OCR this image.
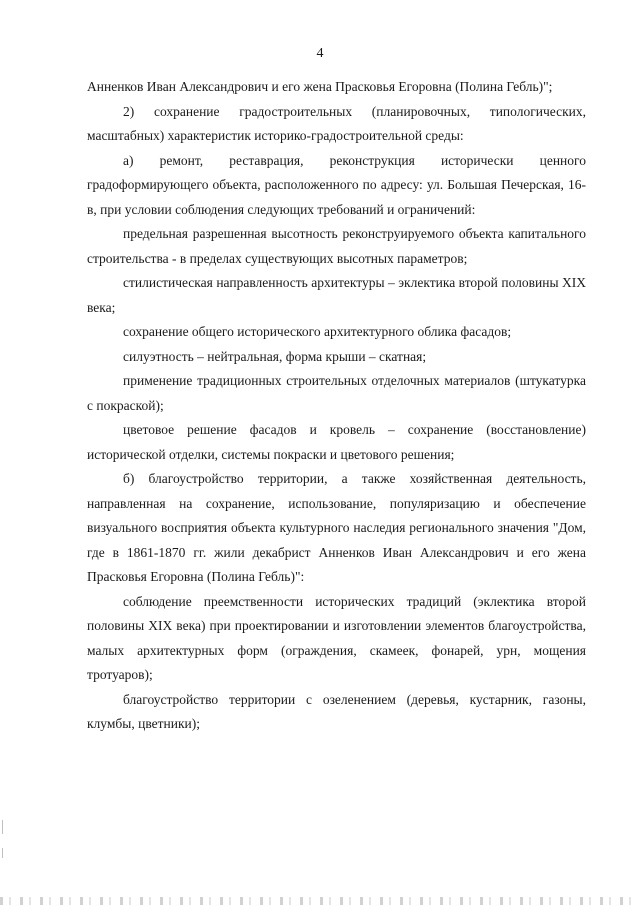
4

Анненков Иван Александрович и его жена Прасковья Егоровна (Полина Гебль)";

2) сохранение градостроительных (планировочных, типологических, масштабных) характеристик историко-градостроительной среды:

а) ремонт, реставрация, реконструкция исторически ценного градоформирующего объекта, расположенного по адресу: ул. Большая Печерская, 16-в, при условии соблюдения следующих требований и ограничений:

предельная разрешенная высотность реконструируемого объекта капитального строительства - в пределах существующих высотных параметров;

стилистическая направленность архитектуры – эклектика второй половины XIX века;

сохранение общего исторического архитектурного облика фасадов;

силуэтность – нейтральная, форма крыши – скатная;

применение традиционных строительных отделочных материалов (штукатурка с покраской);

цветовое решение фасадов и кровель – сохранение (восстановление) исторической отделки, системы покраски и цветового решения;

б) благоустройство территории, а также хозяйственная деятельность, направленная на сохранение, использование, популяризацию и обеспечение визуального восприятия объекта культурного наследия регионального значения "Дом, где в 1861-1870 гг. жили декабрист Анненков Иван Александрович и его жена Прасковья Егоровна (Полина Гебль)":

соблюдение преемственности исторических традиций (эклектика второй половины XIX века) при проектировании и изготовлении элементов благоустройства, малых архитектурных форм (ограждения, скамеек, фонарей, урн, мощения тротуаров);

благоустройство территории с озеленением (деревья, кустарник, газоны, клумбы, цветники);
